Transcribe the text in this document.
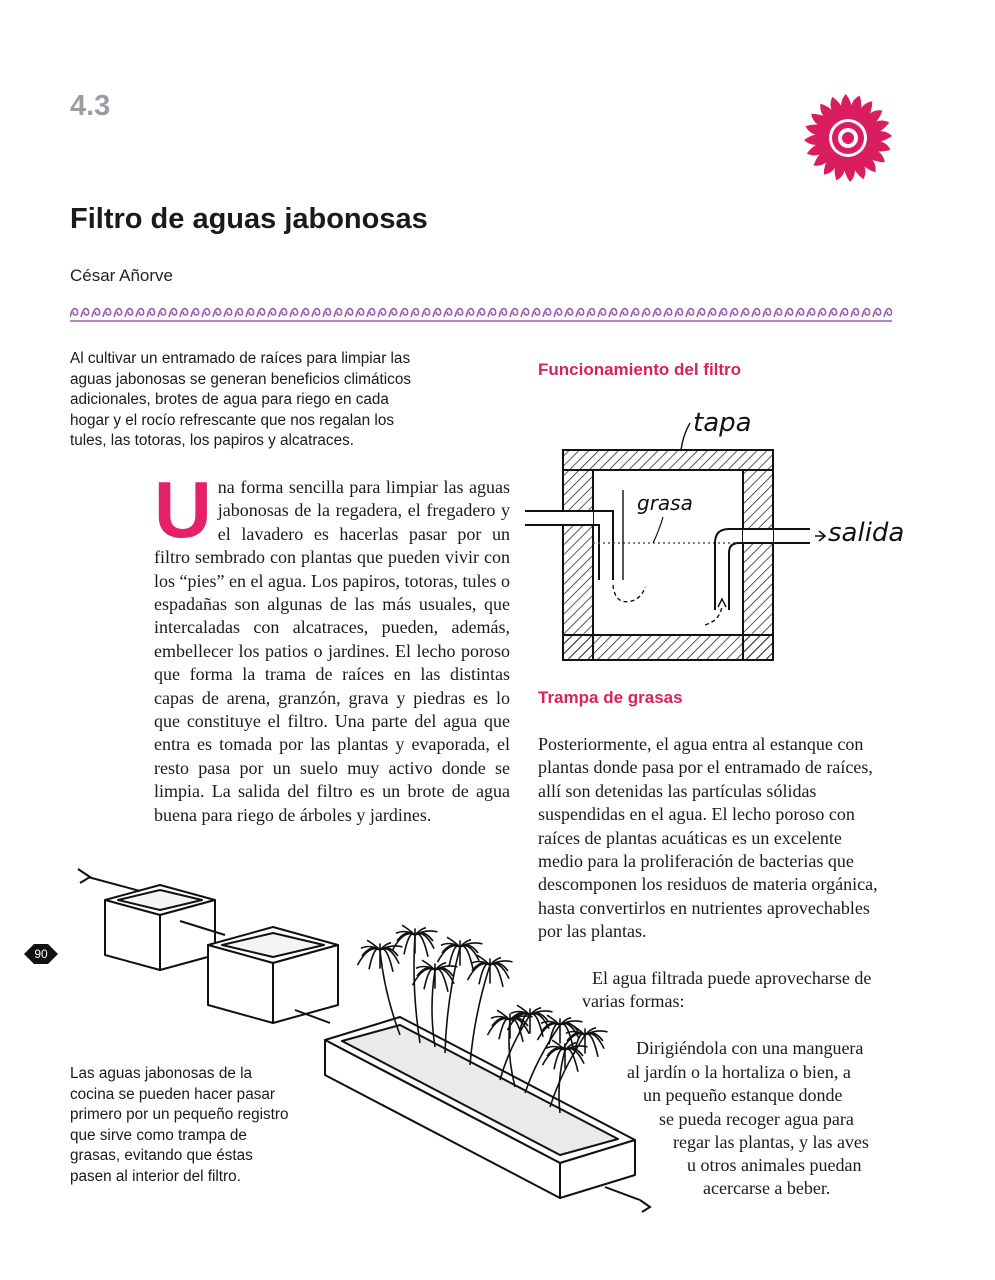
4.3
Filtro de aguas jabonosas
César Añorve
Al cultivar un entramado de raíces para limpiar las aguas jabonosas se generan beneficios climáticos adicionales, brotes de agua para riego en cada hogar y el rocío refrescante que nos regalan los tules, las totoras, los papiros y alcatraces.

Una forma sencilla para limpiar las aguas jabonosas de la regadera, el fregadero y el lavadero es hacerlas pasar por un filtro sembrado con plantas que pueden vivir con los “pies” en el agua. Los papiros, totoras, tules o espadañas son algunas de las más usuales, que intercaladas con alcatraces, pueden, además, embellecer los patios o jardines. El lecho poroso que forma la trama de raíces en las distintas capas de arena, granzón, grava y piedras es lo que constituye el filtro. Una parte del agua que entra es tomada por las plantas y evaporada, el resto pasa por un suelo muy activo donde se limpia. La salida del filtro es un brote de agua buena para riego de árboles y jardines.

Funcionamiento del filtro
tapa
grasa
salida
Trampa de grasas
Posteriormente, el agua entra al estanque con plantas donde pasa por el entramado de raíces, allí son detenidas las partículas sólidas suspendidas en el agua. El lecho poroso con raíces de plantas acuáticas es un excelente medio para la proliferación de bacterias que descomponen los residuos de materia orgánica, hasta convertirlos en nutrientes aprovechables por las plantas.
El agua filtrada puede aprovecharse de
varias formas:
Dirigiéndola con una manguera
al jardín o la hortaliza o bien, a
un pequeño estanque donde
se pueda recoger agua para
regar las plantas, y las aves
u otros animales puedan
acercarse a beber.
Las aguas jabonosas de la cocina se pueden hacer pasar primero por un pequeño registro que sirve como trampa de grasas, evitando que éstas pasen al interior del filtro.
90
